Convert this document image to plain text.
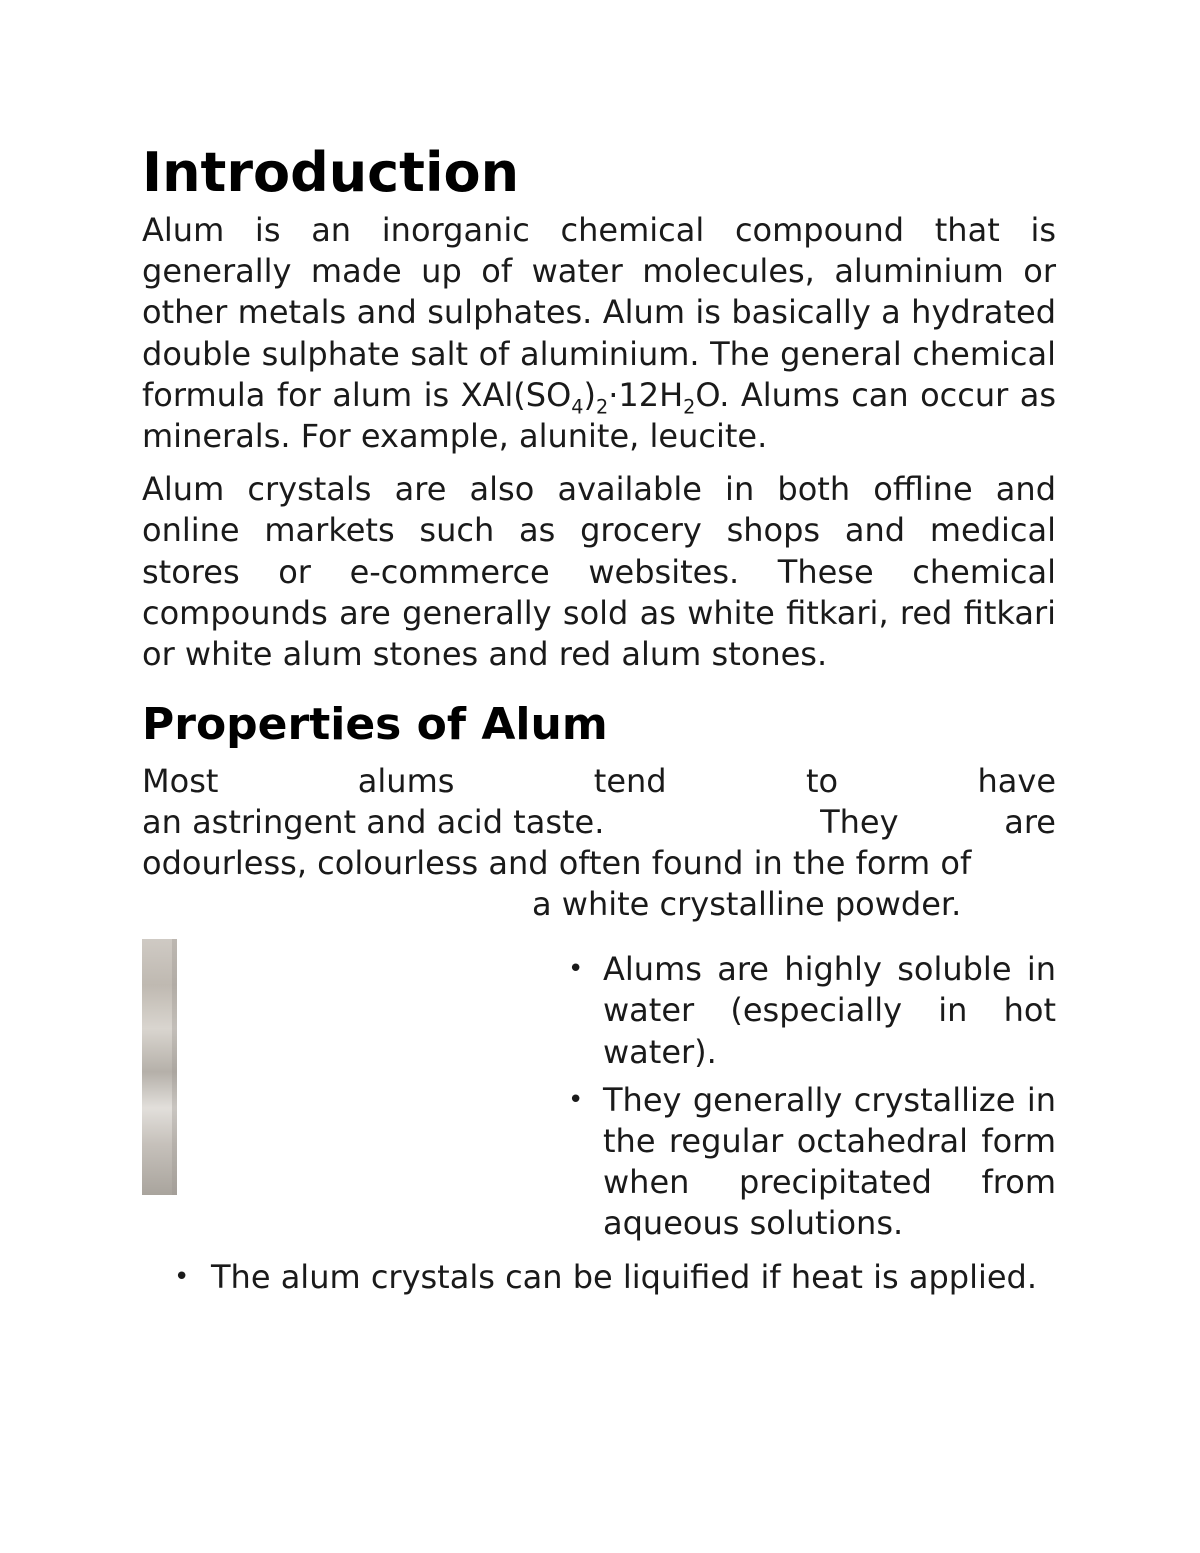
Introduction

Alum is an inorganic chemical compound that is generally made up of water molecules, aluminium or other metals and sulphates. Alum is basically a hydrated double sulphate salt of aluminium. The general chemical formula for alum is $XAl(SO_4)_2\cdot 12H_2O$. Alums can occur as minerals. For example, alunite, leucite.

Alum crystals are also available in both offline and online markets such as grocery shops and medical stores or e-commerce websites. These chemical compounds are generally sold as white fitkari, red fitkari or white alum stones and red alum stones.

Properties of Alum
Most	alums	tend	to	have
an astringent and acid taste.	They	are
odourless, colourless and often found in the form of
a white crystalline powder.
• Alums are highly soluble in water (especially in hot water).
• They generally crystallize in the regular octahedral form when precipitated from aqueous solutions.
• The alum crystals can be liquified if heat is applied.
